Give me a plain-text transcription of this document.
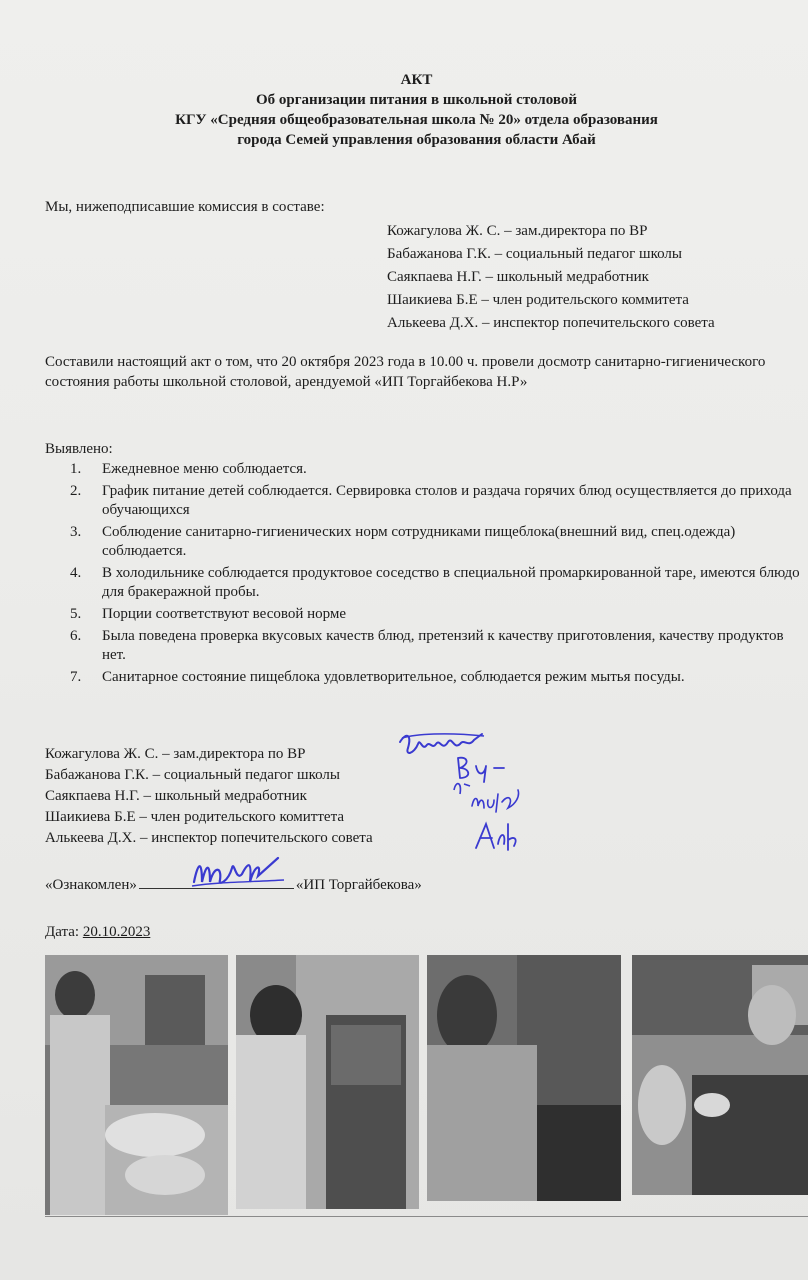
АКТ
Об организации питания в школьной столовой
КГУ «Средняя общеобразовательная школа № 20» отдела образования
города Семей управления образования области Абай
Мы, нижеподписавшие комиссия в составе:
Кожагулова Ж. С. – зам.директора по ВР
Бабажанова Г.К. – социальный педагог школы
Саякпаева Н.Г. – школьный медработник
Шаикиева Б.Е – член родительского коммитета
Алькеева Д.Х. – инспектор попечительского совета
Составили настоящий акт о том, что 20 октября 2023 года в 10.00 ч. провели досмотр санитарно-гигиенического состояния работы школьной столовой, арендуемой «ИП Торгайбекова Н.Р»
Выявлено:
1. Ежедневное меню соблюдается.
2. График питание детей соблюдается. Сервировка столов и раздача горячих блюд осуществляется до прихода обучающихся
3. Соблюдение санитарно-гигиенических норм сотрудниками пищеблока(внешний вид, спец.одежда) соблюдается.
4. В холодильнике соблюдается продуктовое соседство в специальной промаркированной таре, имеются блюдо для бракеражной пробы.
5. Порции соответствуют весовой норме
6. Была поведена проверка вкусовых качеств блюд, претензий к качеству приготовления, качеству продуктов нет.
7. Санитарное состояние пищеблока удовлетворительное, соблюдается режим мытья посуды.
Кожагулова Ж. С. – зам.директора по ВР
Бабажанова Г.К. – социальный педагог школы
Саякпаева Н.Г. – школьный медработник
Шаикиева Б.Е – член родительского комиттета
Алькеева Д.Х. – инспектор попечительского совета
«Ознакомлен»	«ИП Торгайбекова»
Дата: 20.10.2023
